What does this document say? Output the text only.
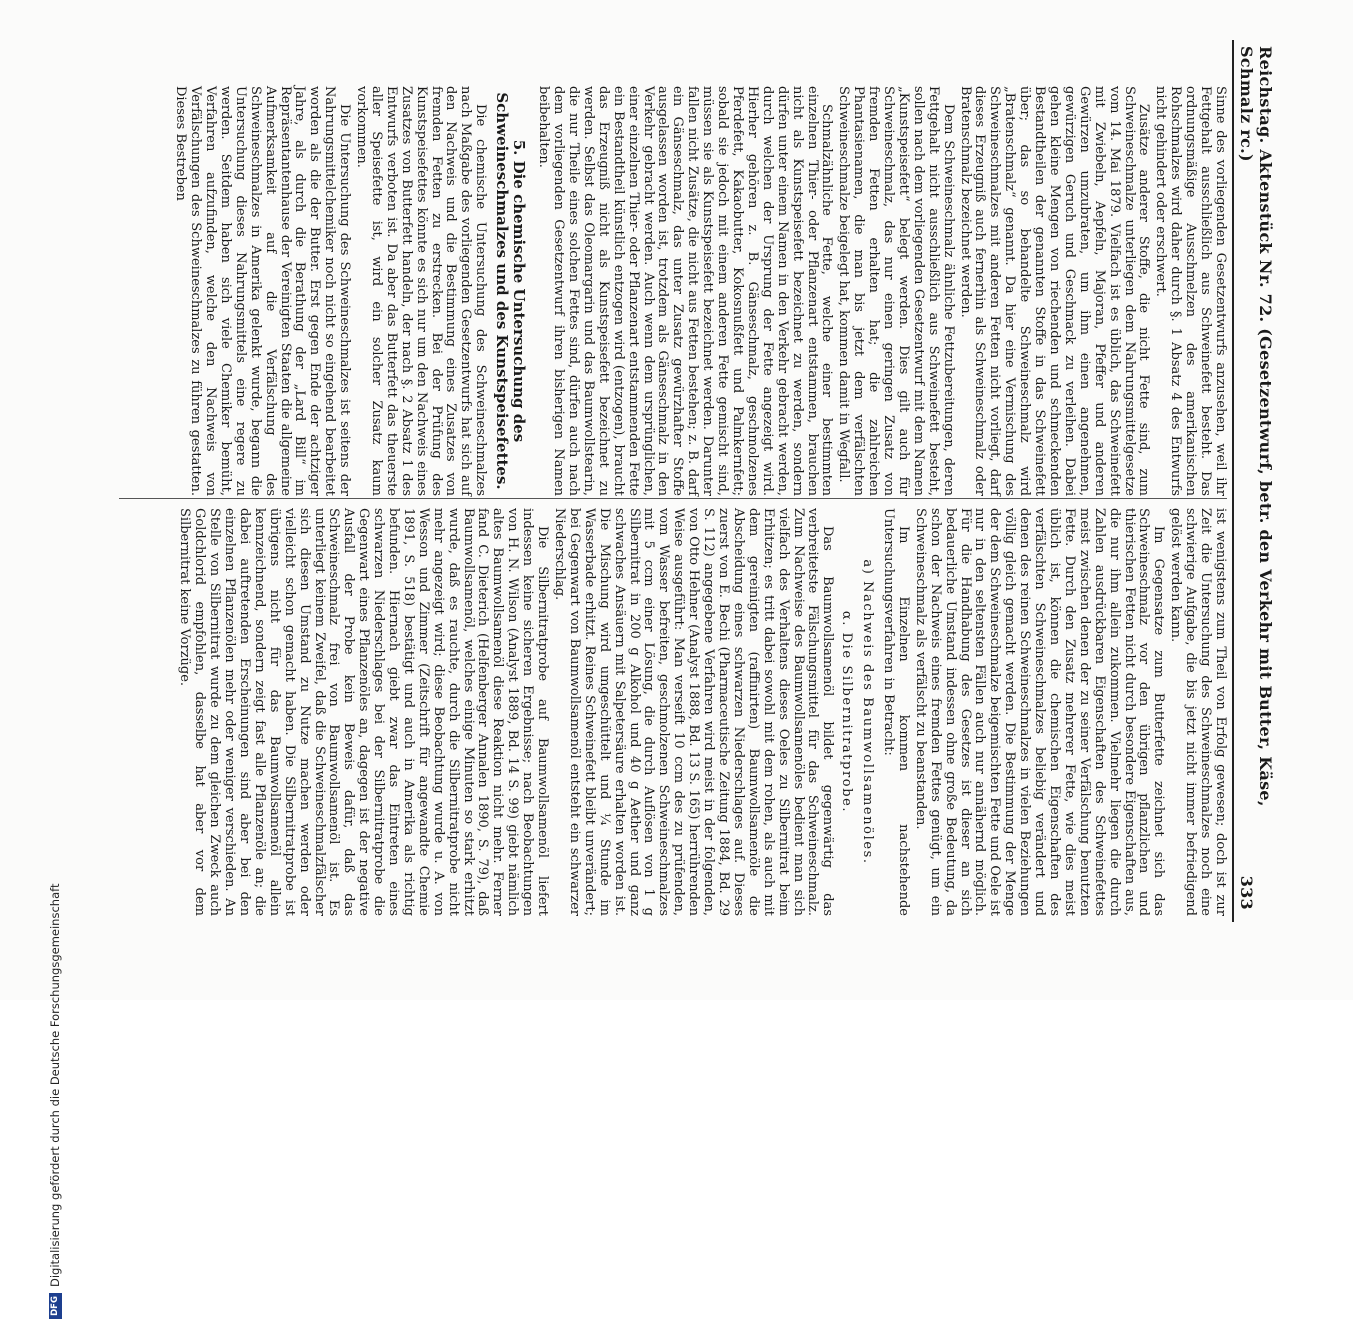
Reichstag. Aktenstück Nr. 72. (Gesetzentwurf, betr. den Verkehr mit Butter, Käse, Schmalz rc.)
333

Sinne des vorliegenden Gesetzentwurfs anzusehen, weil ihr Fettgehalt ausschließlich aus Schweinefett besteht. Das ordnungsmäßige Ausschmelzen des amerikanischen Rohschmalzes wird daher durch §. 1 Absatz 4 des Entwurfs nicht gehindert oder erschwert.

Zusätze anderer Stoffe, die nicht Fette sind, zum Schweineschmalze unterliegen dem Nahrungsmittelgesetze vom 14. Mai 1879. Vielfach ist es üblich, das Schweinefett mit Zwiebeln, Aepfeln, Majoran, Pfeffer und anderen Gewürzen umzubraten, um ihm einen angenehmen, gewürzigen Geruch und Geschmack zu verleihen. Dabei gehen kleine Mengen von riechenden und schmeckenden Bestandtheilen der genannten Stoffe in das Schweinefett über; das so behandelte Schweineschmalz wird „Bratenschmalz“ genannt. Da hier eine Vermischung des Schweineschmalzes mit anderen Fetten nicht vorliegt, darf dieses Erzeugniß auch fernerhin als Schweineschmalz oder Bratenschmalz bezeichnet werden.

Dem Schweineschmalz ähnliche Fettzubereitungen, deren Fettgehalt nicht ausschließlich aus Schweinefett besteht, sollen nach dem vorliegenden Gesetzentwurf mit dem Namen „Kunstspeisefett“ belegt werden. Dies gilt auch für Schweineschmalz, das nur einen geringen Zusatz von fremden Fetten erhalten hat; die zahlreichen Phantasienamen, die man bis jetzt dem verfälschten Schweineschmalze beigelegt hat, kommen damit in Wegfall.

Schmalzähnliche Fette, welche einer bestimmten einzelnen Thier- oder Pflanzenart entstammen, brauchen nicht als Kunstspeisefett bezeichnet zu werden, sondern dürfen unter einem Namen in den Verkehr gebracht werden, durch welchen der Ursprung der Fette angezeigt wird. Hierher gehören z. B. Gänseschmalz, geschmolzenes Pferdefett, Kakaobutter, Kokosnußfett und Palmkernfett; sobald sie jedoch mit einem anderen Fette gemischt sind, müssen sie als Kunstspeisefett bezeichnet werden. Darunter fallen nicht Zusätze, die nicht aus Fetten bestehen; z. B. darf ein Gänseschmalz, das unter Zusatz gewürzhafter Stoffe ausgelassen worden ist, trotzdem als Gänseschmalz in den Verkehr gebracht werden. Auch wenn dem ursprünglichen, einer einzelnen Thier- oder Pflanzenart entstammenden Fette ein Bestandtheil künstlich entzogen wird (entzogen), braucht das Erzeugniß nicht als Kunstspeisefett bezeichnet zu werden. Selbst das Oleomargarin und das Baumwollstearin, die nur Theile eines solchen Fettes sind, dürfen auch nach dem vorliegenden Gesetzentwurf ihren bisherigen Namen beibehalten.

5. Die chemische Untersuchung des Schweineschmalzes und des Kunstspeisefettes.

Die chemische Untersuchung des Schweineschmalzes nach Maßgabe des vorliegenden Gesetzentwurfs hat sich auf den Nachweis und die Bestimmung eines Zusatzes von fremden Fetten zu erstrecken. Bei der Prüfung des Kunstspeisefettes könnte es sich nur um den Nachweis eines Zusatzes von Butterfett handeln, der nach §. 2 Absatz 1 des Entwurfs verboten ist. Da aber das Butterfett das theuerste aller Speisefette ist, wird ein solcher Zusatz kaum vorkommen.

Die Untersuchung des Schweineschmalzes ist seitens der Nahrungsmittelchemiker noch nicht so eingehend bearbeitet worden als die der Butter. Erst gegen Ende der achtziger Jahre, als durch die Berathung der „Lard Bill“ im Repräsentantenhause der Vereinigten Staaten die allgemeine Aufmerksamkeit auf die Verfälschung des Schweineschmalzes in Amerika gelenkt wurde, begann die Untersuchung dieses Nahrungsmittels eine regere zu werden. Seitdem haben sich viele Chemiker bemüht, Verfahren aufzufinden, welche den Nachweis von Verfälschungen des Schweineschmalzes zu führen gestatten. Dieses Bestreben

ist wenigstens zum Theil von Erfolg gewesen; doch ist zur Zeit die Untersuchung des Schweineschmalzes noch eine schwierige Aufgabe, die bis jetzt nicht immer befriedigend gelöst werden kann.

Im Gegensatze zum Butterfette zeichnet sich das Schweineschmalz vor den übrigen pflanzlichen und thierischen Fetten nicht durch besondere Eigenschaften aus, die nur ihm allein zukommen. Vielmehr liegen die durch Zahlen ausdrückbaren Eigenschaften des Schweinefettes meist zwischen denen der zu seiner Verfälschung benutzten Fette. Durch den Zusatz mehrerer Fette, wie dies meist üblich ist, können die chemischen Eigenschaften des verfälschten Schweineschmalzes beliebig verändert und denen des reinen Schweineschmalzes in vielen Beziehungen völlig gleich gemacht werden. Die Bestimmung der Menge der dem Schweineschmalze beigemischten Fette und Oele ist nur in den seltensten Fällen auch nur annähernd möglich. Für die Handhabung des Gesetzes ist dieser an sich bedauerliche Umstand indessen ohne große Bedeutung, da schon der Nachweis eines fremden Fettes genügt, um ein Schweineschmalz als verfälscht zu beanstanden.

Im Einzelnen kommen nachstehende Untersuchungsverfahren in Betracht:

a) Nachweis des Baumwollsamenöles.
α. Die Silbernitratprobe.

Das Baumwollsamenöl bildet gegenwärtig das verbreitetste Fälschungsmittel für das Schweineschmalz. Zum Nachweise des Baumwollsamenöles bedient man sich vielfach des Verhaltens dieses Oeles zu Silbernitrat beim Erhitzen; es tritt dabei sowohl mit dem rohen, als auch mit dem gereinigten (raffinirten) Baumwollsamenöle die Abscheidung eines schwarzen Niederschlages auf. Dieses zuerst von E. Bechi (Pharmaceutische Zeitung 1884, Bd. 29 S. 112) angegebene Verfahren wird meist in der folgenden, von Otto Hehner (Analyst 1888, Bd. 13 S. 165) herrührenden Weise ausgeführt: Man verseift 10 ccm des zu prüfenden, vom Wasser befreiten, geschmolzenen Schweineschmalzes mit 5 ccm einer Lösung, die durch Auflösen von 1 g Silbernitrat in 200 g Alkohol und 40 g Aether und ganz schwaches Ansäuern mit Salpetersäure erhalten worden ist. Die Mischung wird umgeschüttelt und ¼ Stunde im Wasserbade erhitzt. Reines Schweinefett bleibt unverändert; bei Gegenwart von Baumwollsamenöl entsteht ein schwarzer Niederschlag.

Die Silbernitratprobe auf Baumwollsamenöl liefert indessen keine sicheren Ergebnisse; nach Beobachtungen von H. N. Wilson (Analyst 1889, Bd. 14 S. 99) giebt nämlich altes Baumwollsamenöl diese Reaktion nicht mehr. Ferner fand C. Dieterich (Helfenberger Annalen 1890, S. 79), daß Baumwollsamenöl, welches einige Minuten so stark erhitzt wurde, daß es rauchte, durch die Silbernitratprobe nicht mehr angezeigt wird; diese Beobachtung wurde u. A. von Wesson und Zimmer (Zeitschrift für angewandte Chemie 1891, S. 518) bestätigt und auch in Amerika als richtig befunden. Hiernach giebt zwar das Eintreten eines schwarzen Niederschlages bei der Silbernitratprobe die Gegenwart eines Pflanzenöles an, dagegen ist der negative Ausfall der Probe kein Beweis dafür, daß das Schweineschmalz frei von Baumwollsamenöl ist. Es unterliegt keinem Zweifel, daß die Schweineschmalzfälscher sich diesen Umstand zu Nutze machen werden oder vielleicht schon gemacht haben. Die Silbernitratprobe ist übrigens nicht für das Baumwollsamenöl allein kennzeichnend, sondern zeigt fast alle Pflanzenöle an; die dabei auftretenden Erscheinungen sind aber bei den einzelnen Pflanzenölen mehr oder weniger verschieden. An Stelle von Silbernitrat wurde zu dem gleichen Zweck auch Goldchlorid empfohlen, dasselbe hat aber vor dem Silbernitrat keine Vorzüge.

DFG
Digitalisierung gefördert durch die Deutsche Forschungsgemeinschaft
